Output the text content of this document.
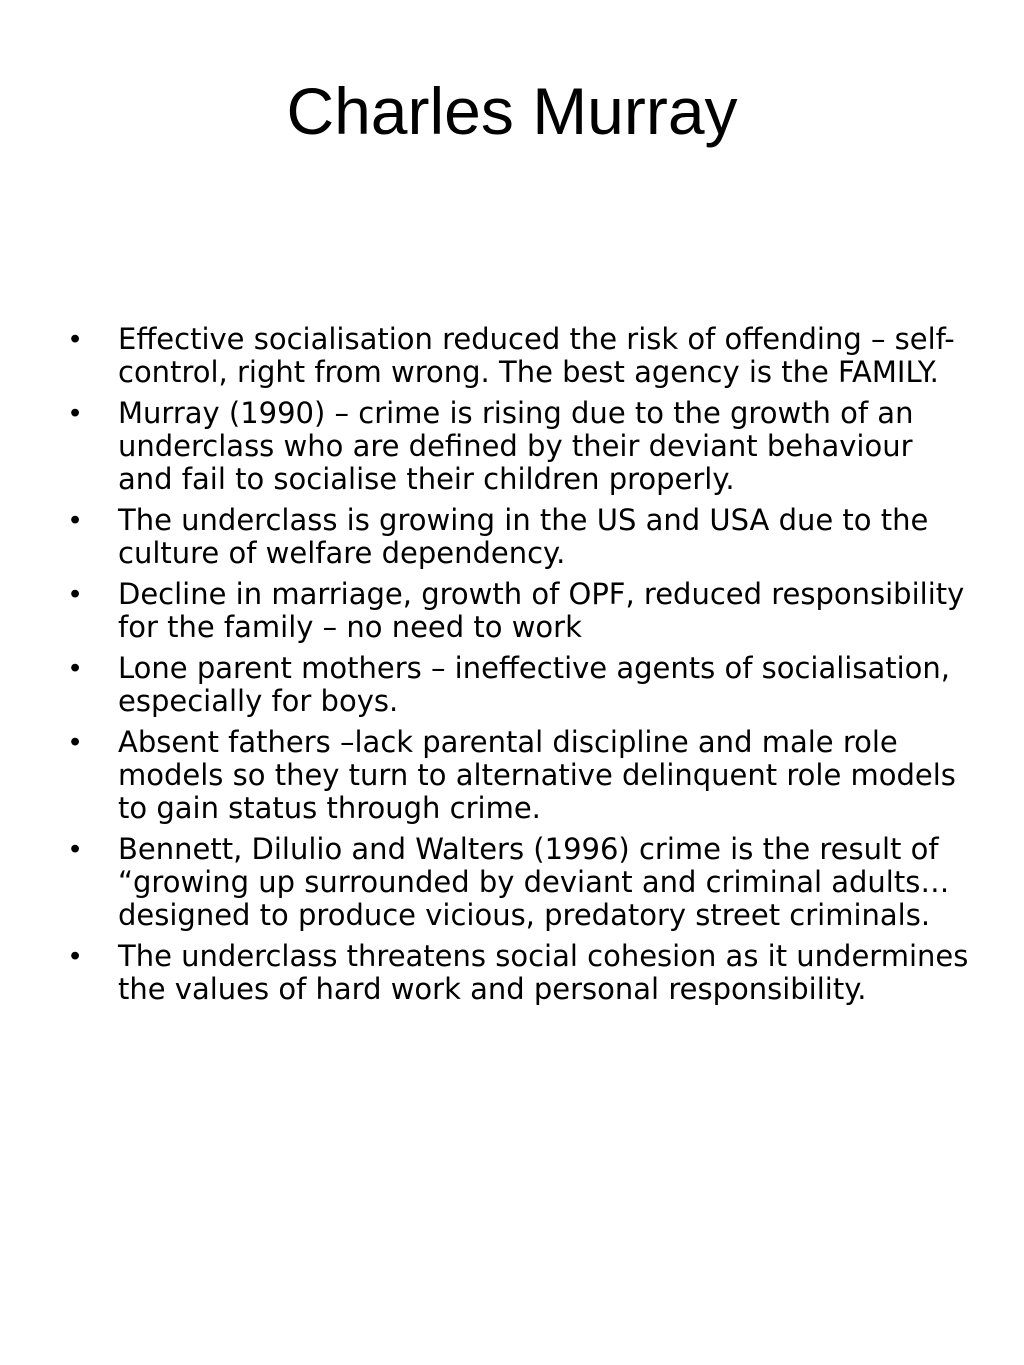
Charles Murray
•	Effective socialisation reduced the risk of offending – self-control, right from wrong. The best agency is the FAMILY.
•	Murray (1990) – crime is rising due to the growth of an underclass who are defined by their deviant behaviour and fail to socialise their children properly.
•	The underclass is growing in the US and USA due to the culture of welfare dependency.
•	Decline in marriage, growth of OPF, reduced responsibility for the family – no need to work
•	Lone parent mothers – ineffective agents of socialisation, especially for boys.
•	Absent fathers –lack parental discipline and male role models so they turn to alternative delinquent role models to gain status through crime.
•	Bennett, Dilulio and Walters (1996) crime is the result of “growing up surrounded by deviant and criminal adults…designed to produce vicious, predatory street criminals.
•	The underclass threatens social cohesion as it undermines the values of hard work and personal responsibility.
